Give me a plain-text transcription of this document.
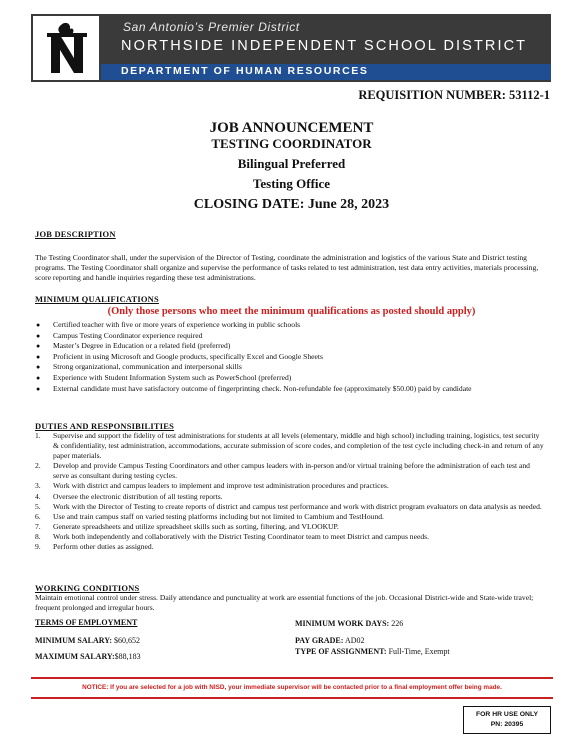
San Antonio’s Premier District
NORTHSIDE INDEPENDENT SCHOOL DISTRICT
DEPARTMENT OF HUMAN RESOURCES
REQUISITION NUMBER: 53112-1
JOB ANNOUNCEMENT
TESTING COORDINATOR
Bilingual Preferred
Testing Office
CLOSING DATE: June 28, 2023
JOB DESCRIPTION
The Testing Coordinator shall, under the supervision of the Director of Testing, coordinate the administration and logistics of the various State and District testing programs. The Testing Coordinator shall organize and supervise the performance of tasks related to test administration, test data entry activities, materials processing, score reporting and handle inquiries regarding these test administrations.
MINIMUM QUALIFICATIONS
(Only those persons who meet the minimum qualifications as posted should apply)
● Certified teacher with five or more years of experience working in public schools
● Campus Testing Coordinator experience required
● Master’s Degree in Education or a related field (preferred)
● Proficient in using Microsoft and Google products, specifically Excel and Google Sheets
● Strong organizational, communication and interpersonal skills
● Experience with Student Information System such as PowerSchool (preferred)
● External candidate must have satisfactory outcome of fingerprinting check. Non-refundable fee (approximately $50.00) paid by candidate
DUTIES AND RESPONSIBILITIES
1. Supervise and support the fidelity of test administrations for students at all levels (elementary, middle and high school) including training, logistics, test security & confidentiality, test administration, accommodations, accurate submission of score codes, and completion of the test cycle including check-in and return of any paper materials.
2. Develop and provide Campus Testing Coordinators and other campus leaders with in-person and/or virtual training before the administration of each test and serve as consultant during testing cycles.
3. Work with district and campus leaders to implement and improve test administration procedures and practices.
4. Oversee the electronic distribution of all testing reports.
5. Work with the Director of Testing to create reports of district and campus test performance and work with district program evaluators on data analysis as needed.
6. Use and train campus staff on varied testing platforms including but not limited to Cambium and TestHound.
7. Generate spreadsheets and utilize spreadsheet skills such as sorting, filtering, and VLOOKUP.
8. Work both independently and collaboratively with the District Testing Coordinator team to meet District and campus needs.
9. Perform other duties as assigned.
WORKING CONDITIONS
Maintain emotional control under stress. Daily attendance and punctuality at work are essential functions of the job. Occasional District-wide and State-wide travel; frequent prolonged and irregular hours.
TERMS OF EMPLOYMENT
MINIMUM SALARY: $60,652
MAXIMUM SALARY:$88,183
MINIMUM WORK DAYS: 226
PAY GRADE: AD02
TYPE OF ASSIGNMENT: Full-Time, Exempt
NOTICE: If you are selected for a job with NISD, your immediate supervisor will be contacted prior to a final employment offer being made.
FOR HR USE ONLY
PN: 20395
